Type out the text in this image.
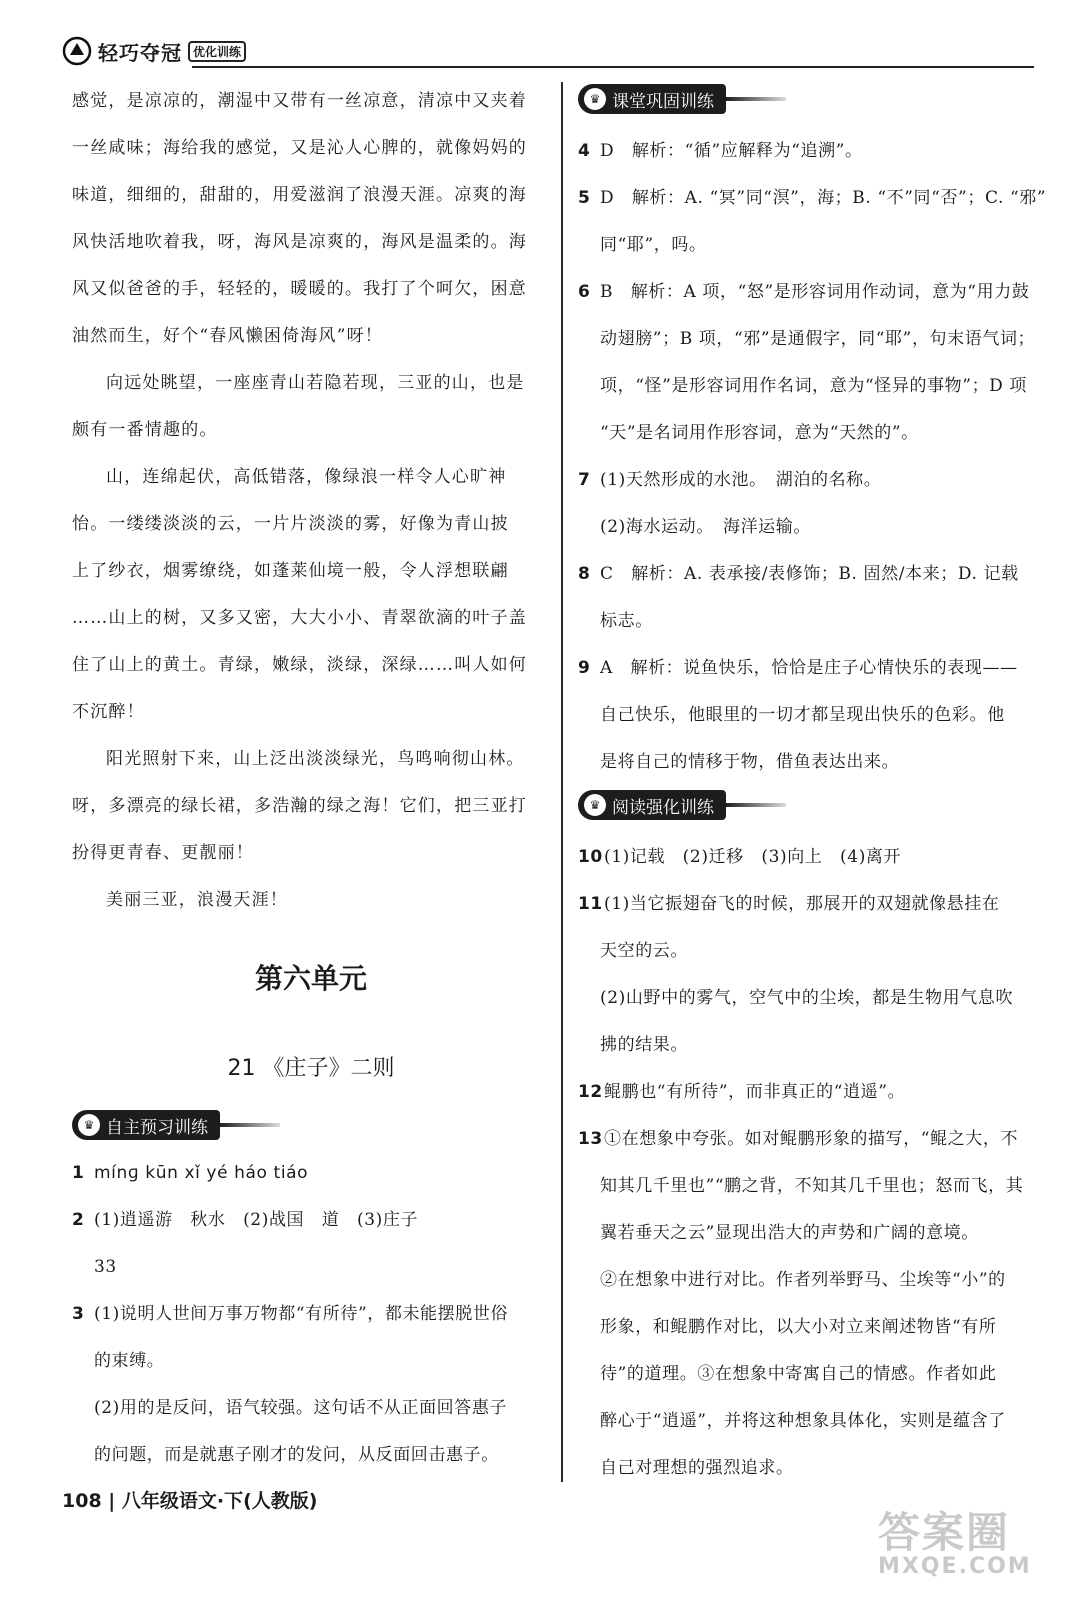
轻巧夺冠 优化训练
感觉，是凉凉的，潮湿中又带有一丝凉意，清凉中又夹着
一丝咸味；海给我的感觉，又是沁人心脾的，就像妈妈的
味道，细细的，甜甜的，用爱滋润了浪漫天涯。凉爽的海
风快活地吹着我，呀，海风是凉爽的，海风是温柔的。海
风又似爸爸的手，轻轻的，暖暖的。我打了个呵欠，困意
油然而生，好个“春风懒困倚海风”呀！
向远处眺望，一座座青山若隐若现，三亚的山，也是
颇有一番情趣的。
山，连绵起伏，高低错落，像绿浪一样令人心旷神
怡。一缕缕淡淡的云，一片片淡淡的雾，好像为青山披
上了纱衣，烟雾缭绕，如蓬莱仙境一般，令人浮想联翩
……山上的树，又多又密，大大小小、青翠欲滴的叶子盖
住了山上的黄土。青绿，嫩绿，淡绿，深绿……叫人如何
不沉醉！
阳光照射下来，山上泛出淡淡绿光，鸟鸣响彻山林。
呀，多漂亮的绿长裙，多浩瀚的绿之海！它们，把三亚打
扮得更青春、更靓丽！
美丽三亚，浪漫天涯！
第六单元
21 《庄子》二则
♛ 自主预习训练
1 mínɡ kūn xǐ yé háo tiáo
2 (1)逍遥游　秋水　(2)战国　道　(3)庄子
33
3 (1)说明人世间万事万物都“有所待”，都未能摆脱世俗
的束缚。
(2)用的是反问，语气较强。这句话不从正面回答惠子
的问题，而是就惠子刚才的发问，从反面回击惠子。
♛ 课堂巩固训练
4 D　解析：“循”应解释为“追溯”。
5 D　解析：A. “冥”同“溟”，海；B. “不”同“否”；C. “邪”
同“耶”，吗。
6 B　解析：A 项，“怒”是形容词用作动词，意为“用力鼓
动翅膀”；B 项，“邪”是通假字，同“耶”，句末语气词；
项，“怪”是形容词用作名词，意为“怪异的事物”；D 项
“天”是名词用作形容词，意为“天然的”。
7 (1)天然形成的水池。　湖泊的名称。
(2)海水运动。　海洋运输。
8 C　解析：A. 表承接/表修饰；B. 固然/本来；D. 记载
标志。
9 A　解析：说鱼快乐，恰恰是庄子心情快乐的表现——
自己快乐，他眼里的一切才都呈现出快乐的色彩。他
是将自己的情移于物，借鱼表达出来。
♛ 阅读强化训练
10 (1)记载　(2)迁移　(3)向上　(4)离开
11 (1)当它振翅奋飞的时候，那展开的双翅就像悬挂在
天空的云。
(2)山野中的雾气，空气中的尘埃，都是生物用气息吹
拂的结果。
12 鲲鹏也“有所待”，而非真正的“逍遥”。
13 ①在想象中夸张。如对鲲鹏形象的描写，“鲲之大，不
知其几千里也”“鹏之背，不知其几千里也；怒而飞，其
翼若垂天之云”显现出浩大的声势和广阔的意境。
②在想象中进行对比。作者列举野马、尘埃等“小”的
形象，和鲲鹏作对比，以大小对立来阐述物皆“有所
待”的道理。③在想象中寄寓自己的情感。作者如此
醉心于“逍遥”，并将这种想象具体化，实则是蕴含了
自己对理想的强烈追求。
108 | 八年级语文·下(人教版)
答案圈
MXQE.COM
